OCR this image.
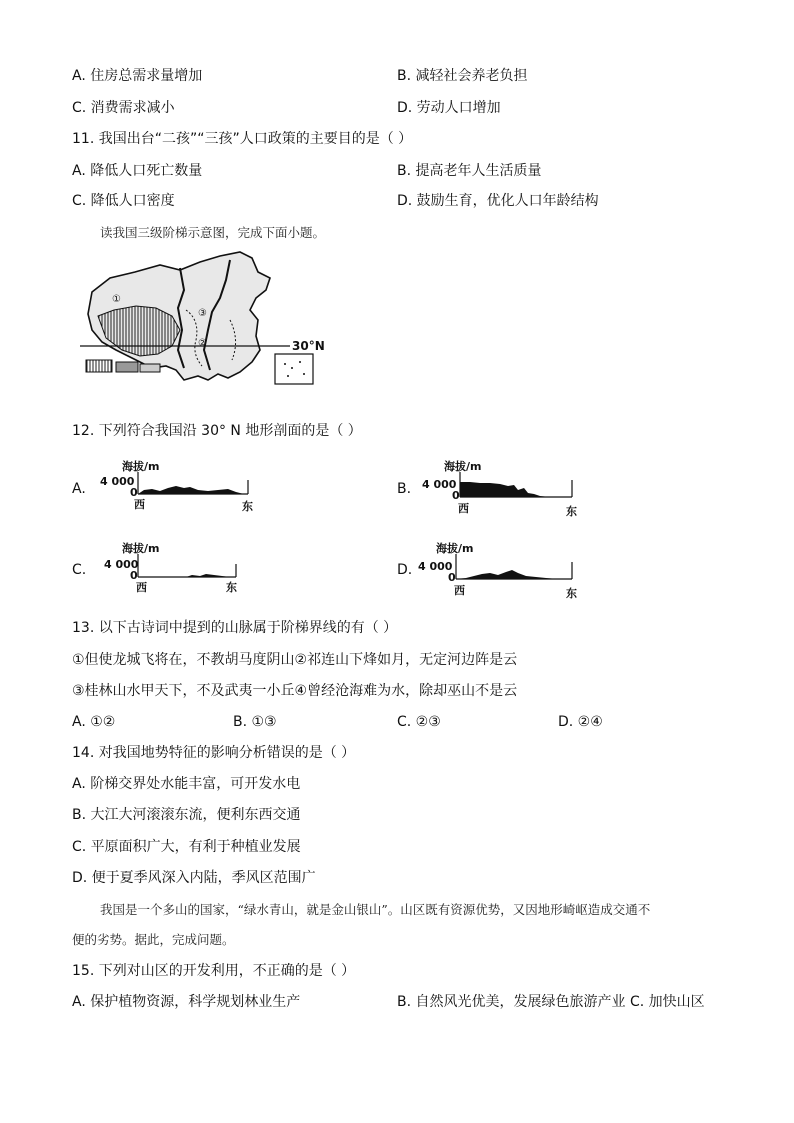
A. 住房总需求量增加	B. 减轻社会养老负担
C. 消费需求减小	D. 劳动人口增加
11. 我国出台“二孩”“三孩”人口政策的主要目的是（ ）
A. 降低人口死亡数量	B. 提高老年人生活质量
C. 降低人口密度	D. 鼓励生育，优化人口年龄结构
读我国三级阶梯示意图，完成下面小题。
30°N
①
②
③
12. 下列符合我国沿 30° N 地形剖面的是（ ）
A.
海拔/m
4 000
0
西	东
B.
海拔/m
4 000
0
西	东
C.
海拔/m
4 000
0
西	东
D.
海拔/m
4 000
0
西	东
13. 以下古诗词中提到的山脉属于阶梯界线的有（ ）
①但使龙城飞将在，不教胡马度阴山②祁连山下烽如月，无定河边阵是云
③桂林山水甲天下，不及武夷一小丘④曾经沧海难为水，除却巫山不是云
A. ①②	B. ①③	C. ②③	D. ②④
14. 对我国地势特征的影响分析错误的是（ ）
A. 阶梯交界处水能丰富，可开发水电
B. 大江大河滚滚东流，便利东西交通
C. 平原面积广大，有利于种植业发展
D. 便于夏季风深入内陆，季风区范围广
我国是一个多山的国家，“绿水青山，就是金山银山”。山区既有资源优势，又因地形崎岖造成交通不
便的劣势。据此，完成问题。
15. 下列对山区的开发利用，不正确的是（ ）
A. 保护植物资源，科学规划林业生产	B. 自然风光优美，发展绿色旅游产业 C. 加快山区
